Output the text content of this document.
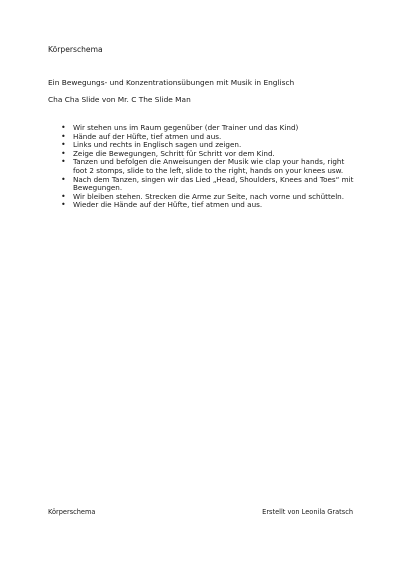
Körperschema

Ein Bewegungs- und Konzentrationsübungen mit Musik in Englisch

Cha Cha Slide von Mr. C The Slide Man

• Wir stehen uns im Raum gegenüber (der Trainer und das Kind)
• Hände auf der Hüfte, tief atmen und aus.
• Links und rechts in Englisch sagen und zeigen.
• Zeige die Bewegungen, Schritt für Schritt vor dem Kind.
• Tanzen und befolgen die Anweisungen der Musik wie clap your hands, right foot 2 stomps, slide to the left, slide to the right, hands on your knees usw.
• Nach dem Tanzen, singen wir das Lied „Head, Shoulders, Knees and Toes“ mit Bewegungen.
• Wir bleiben stehen. Strecken die Arme zur Seite, nach vorne und schütteln.
• Wieder die Hände auf der Hüfte, tief atmen und aus.

Körperschema	Erstellt von Leonila Gratsch
